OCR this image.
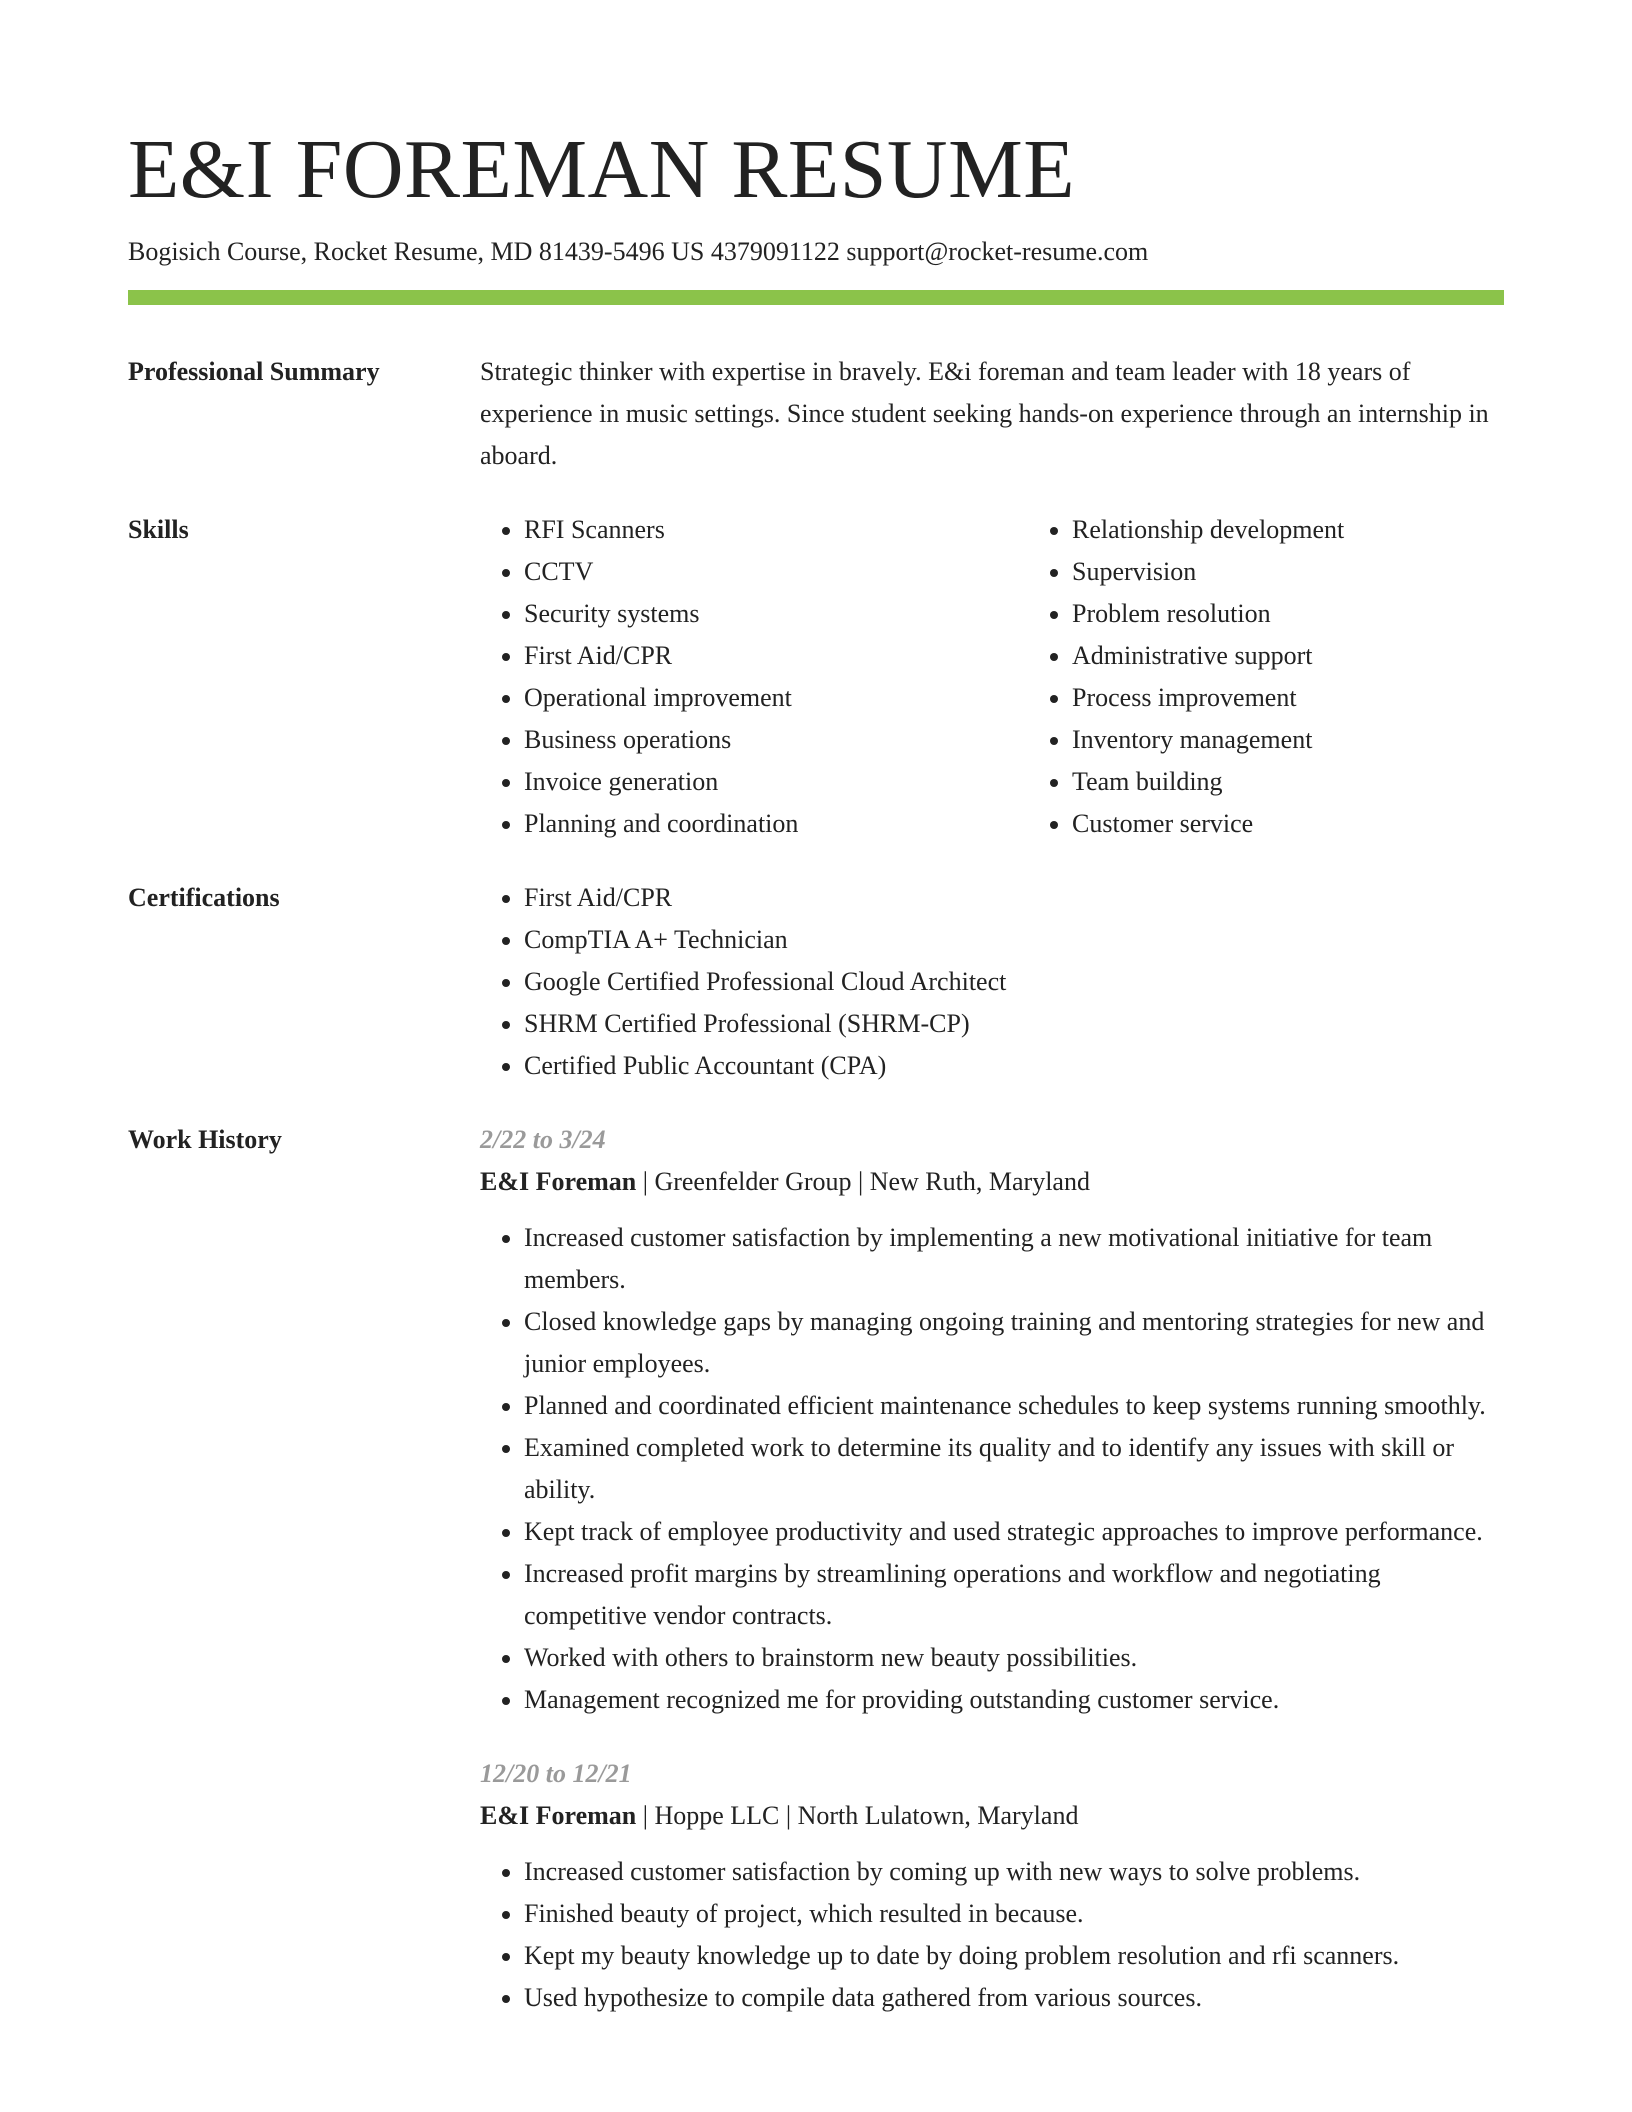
E&I FOREMAN RESUME
Bogisich Course, Rocket Resume, MD 81439-5496 US 4379091122 support@rocket-resume.com
Professional Summary	Strategic thinker with expertise in bravely. E&i foreman and team leader with 18 years of experience in music settings. Since student seeking hands-on experience through an internship in aboard.
Skills	• RFI Scanners
• CCTV
• Security systems
• First Aid/CPR
• Operational improvement
• Business operations
• Invoice generation
• Planning and coordination
• Relationship development
• Supervision
• Problem resolution
• Administrative support
• Process improvement
• Inventory management
• Team building
• Customer service
Certifications	• First Aid/CPR
• CompTIA A+ Technician
• Google Certified Professional Cloud Architect
• SHRM Certified Professional (SHRM-CP)
• Certified Public Accountant (CPA)
Work History	2/22 to 3/24
E&I Foreman | Greenfelder Group | New Ruth, Maryland
• Increased customer satisfaction by implementing a new motivational initiative for team members.
• Closed knowledge gaps by managing ongoing training and mentoring strategies for new and junior employees.
• Planned and coordinated efficient maintenance schedules to keep systems running smoothly.
• Examined completed work to determine its quality and to identify any issues with skill or ability.
• Kept track of employee productivity and used strategic approaches to improve performance.
• Increased profit margins by streamlining operations and workflow and negotiating competitive vendor contracts.
• Worked with others to brainstorm new beauty possibilities.
• Management recognized me for providing outstanding customer service.
12/20 to 12/21
E&I Foreman | Hoppe LLC | North Lulatown, Maryland
• Increased customer satisfaction by coming up with new ways to solve problems.
• Finished beauty of project, which resulted in because.
• Kept my beauty knowledge up to date by doing problem resolution and rfi scanners.
• Used hypothesize to compile data gathered from various sources.
